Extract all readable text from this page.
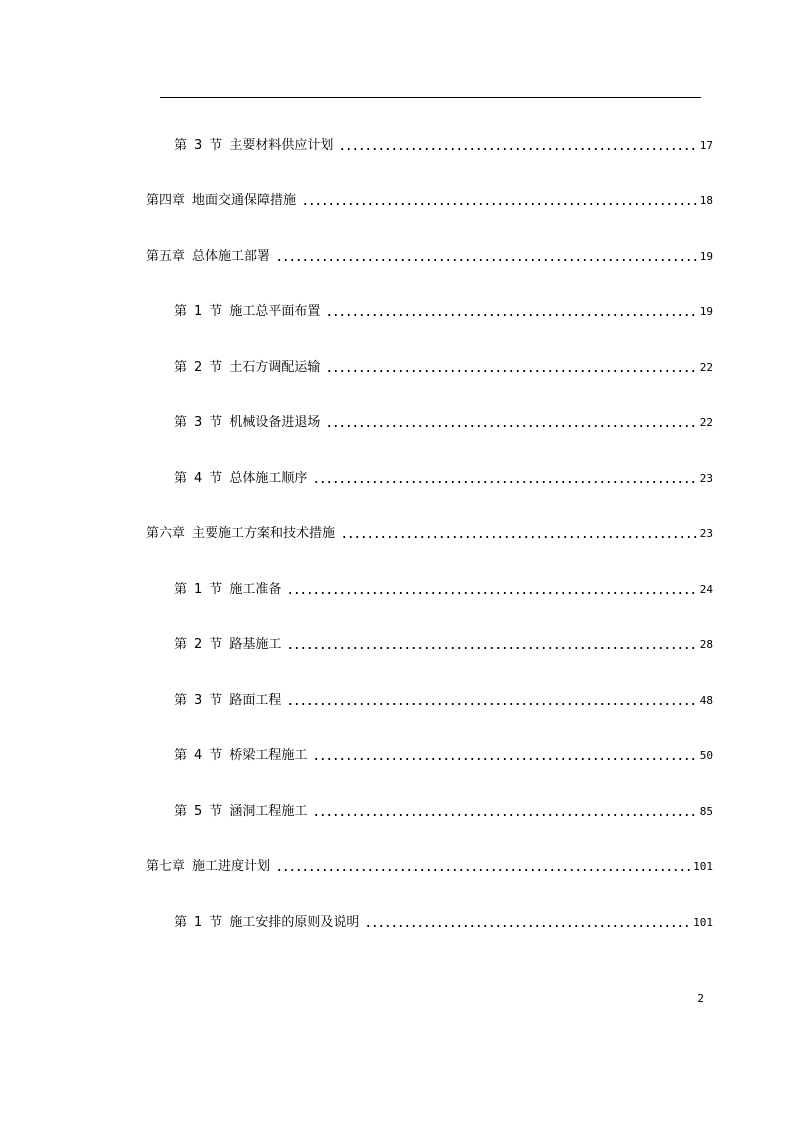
第 3 节 主要材料供应计划	17
第四章 地面交通保障措施	18
第五章 总体施工部署	19
第 1 节 施工总平面布置	19
第 2 节 土石方调配运输	22
第 3 节 机械设备进退场	22
第 4 节 总体施工顺序	23
第六章 主要施工方案和技术措施	23
第 1 节 施工准备	24
第 2 节 路基施工	28
第 3 节 路面工程	48
第 4 节 桥梁工程施工	50
第 5 节 涵洞工程施工	85
第七章 施工进度计划	101
第 1 节 施工安排的原则及说明	101
2
